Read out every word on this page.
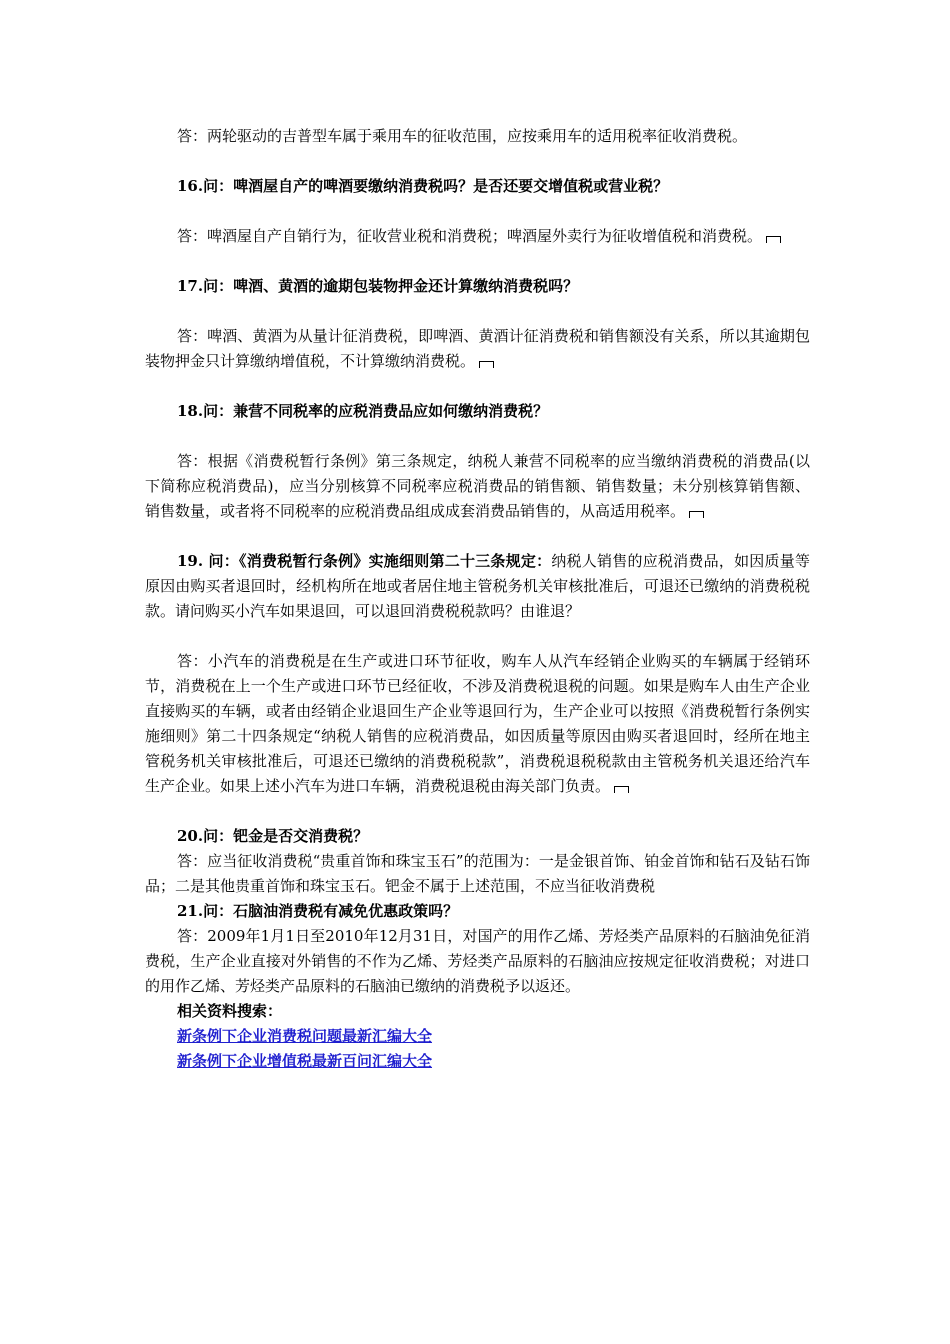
答：两轮驱动的吉普型车属于乘用车的征收范围，应按乘用车的适用税率征收消费税。

16.问：啤酒屋自产的啤酒要缴纳消费税吗？是否还要交增值税或营业税？

答：啤酒屋自产自销行为，征收营业税和消费税；啤酒屋外卖行为征收增值税和消费税。

17.问：啤酒、黄酒的逾期包装物押金还计算缴纳消费税吗？

答：啤酒、黄酒为从量计征消费税，即啤酒、黄酒计征消费税和销售额没有关系，所以其逾期包装物押金只计算缴纳增值税，不计算缴纳消费税。

18.问：兼营不同税率的应税消费品应如何缴纳消费税？

答：根据《消费税暂行条例》第三条规定，纳税人兼营不同税率的应当缴纳消费税的消费品(以下简称应税消费品)，应当分别核算不同税率应税消费品的销售额、销售数量；未分别核算销售额、销售数量，或者将不同税率的应税消费品组成成套消费品销售的，从高适用税率。

19. 问：《消费税暂行条例》实施细则第二十三条规定：纳税人销售的应税消费品，如因质量等原因由购买者退回时，经机构所在地或者居住地主管税务机关审核批准后，可退还已缴纳的消费税税款。请问购买小汽车如果退回，可以退回消费税税款吗？由谁退？

答：小汽车的消费税是在生产或进口环节征收，购车人从汽车经销企业购买的车辆属于经销环节，消费税在上一个生产或进口环节已经征收，不涉及消费税退税的问题。如果是购车人由生产企业直接购买的车辆，或者由经销企业退回生产企业等退回行为，生产企业可以按照《消费税暂行条例实施细则》第二十四条规定“纳税人销售的应税消费品，如因质量等原因由购买者退回时，经所在地主管税务机关审核批准后，可退还已缴纳的消费税税款”，消费税退税税款由主管税务机关退还给汽车生产企业。如果上述小汽车为进口车辆，消费税退税由海关部门负责。

20.问：钯金是否交消费税？

答：应当征收消费税“贵重首饰和珠宝玉石”的范围为：一是金银首饰、铂金首饰和钻石及钻石饰品；二是其他贵重首饰和珠宝玉石。钯金不属于上述范围，不应当征收消费税

21.问：石脑油消费税有减免优惠政策吗？

答：2009年1月1日至2010年12月31日，对国产的用作乙烯、芳烃类产品原料的石脑油免征消费税，生产企业直接对外销售的不作为乙烯、芳烃类产品原料的石脑油应按规定征收消费税；对进口的用作乙烯、芳烃类产品原料的石脑油已缴纳的消费税予以返还。

相关资料搜索：

新条例下企业消费税问题最新汇编大全

新条例下企业增值税最新百问汇编大全
